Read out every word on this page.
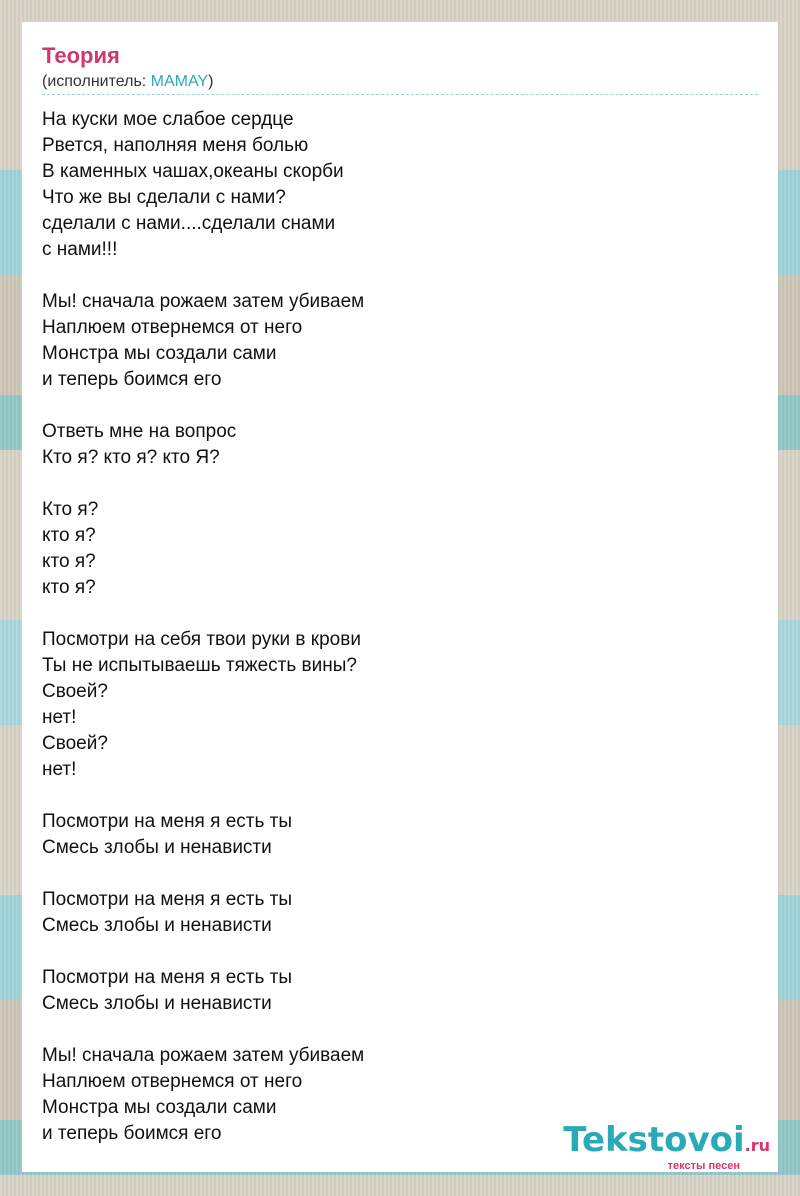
Теория
(исполнитель: MAMAY)
На куски мое слабое сердце
Рвется, наполняя меня болью
В каменных чашах,океаны скорби
Что же вы сделали с нами?
сделали с нами....сделали снами
с нами!!!
Мы! сначала рожаем затем убиваем
Наплюем отвернемся от него
Монстра мы создали сами
и теперь боимся его
Ответь мне на вопрос
Кто я? кто я? кто Я?
Кто я?
кто я?
кто я?
кто я?
Посмотри на себя твои руки в крови
Ты не испытываешь тяжесть вины?
Своей?
нет!
Своей?
нет!
Посмотри на меня я есть ты
Смесь злобы и ненависти
Посмотри на меня я есть ты
Смесь злобы и ненависти
Посмотри на меня я есть ты
Смесь злобы и ненависти
Мы! сначала рожаем затем убиваем
Наплюем отвернемся от него
Монстра мы создали сами
и теперь боимся его	Tekstovoi.ru
тексты песен
